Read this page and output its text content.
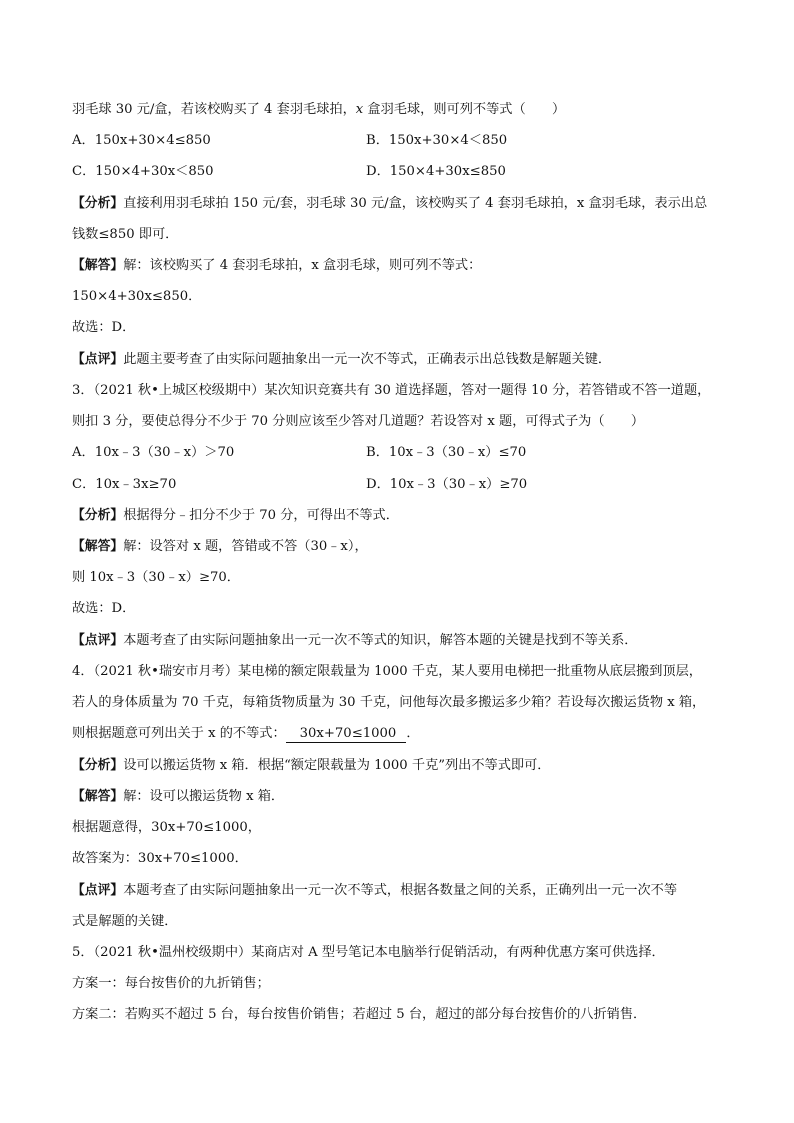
羽毛球 30 元/盒，若该校购买了 4 套羽毛球拍，x 盒羽毛球，则可列不等式（　　）
A．150x+30×4≤850	B．150x+30×4＜850
C．150×4+30x＜850	D．150×4+30x≤850
【分析】直接利用羽毛球拍 150 元/套，羽毛球 30 元/盒，该校购买了 4 套羽毛球拍，x 盒羽毛球，表示出总
钱数≤850 即可．
【解答】解：该校购买了 4 套羽毛球拍，x 盒羽毛球，则可列不等式：
150×4+30x≤850．
故选：D．
【点评】此题主要考查了由实际问题抽象出一元一次不等式，正确表示出总钱数是解题关键．
3．（2021 秋•上城区校级期中）某次知识竞赛共有 30 道选择题，答对一题得 10 分，若答错或不答一道题，
则扣 3 分，要使总得分不少于 70 分则应该至少答对几道题？若设答对 x 题，可得式子为（　　）
A．10x﹣3（30﹣x）＞70	B．10x﹣3（30﹣x）≤70
C．10x﹣3x≥70	D．10x﹣3（30﹣x）≥70
【分析】根据得分﹣扣分不少于 70 分，可得出不等式．
【解答】解：设答对 x 题，答错或不答（30﹣x），
则 10x﹣3（30﹣x）≥70．
故选：D．
【点评】本题考查了由实际问题抽象出一元一次不等式的知识，解答本题的关键是找到不等关系．
4．（2021 秋•瑞安市月考）某电梯的额定限载量为 1000 千克，某人要用电梯把一批重物从底层搬到顶层，
若人的身体质量为 70 千克，每箱货物质量为 30 千克，问他每次最多搬运多少箱？若设每次搬运货物 x 箱，
则根据题意可列出关于 x 的不等式： 30x+70≤1000 ．
【分析】设可以搬运货物 x 箱．根据“额定限载量为 1000 千克”列出不等式即可．
【解答】解：设可以搬运货物 x 箱．
根据题意得，30x+70≤1000，
故答案为：30x+70≤1000．
【点评】本题考查了由实际问题抽象出一元一次不等式，根据各数量之间的关系，正确列出一元一次不等
式是解题的关键．
5．（2021 秋•温州校级期中）某商店对 A 型号笔记本电脑举行促销活动，有两种优惠方案可供选择．
方案一：每台按售价的九折销售；
方案二：若购买不超过 5 台，每台按售价销售；若超过 5 台，超过的部分每台按售价的八折销售．
